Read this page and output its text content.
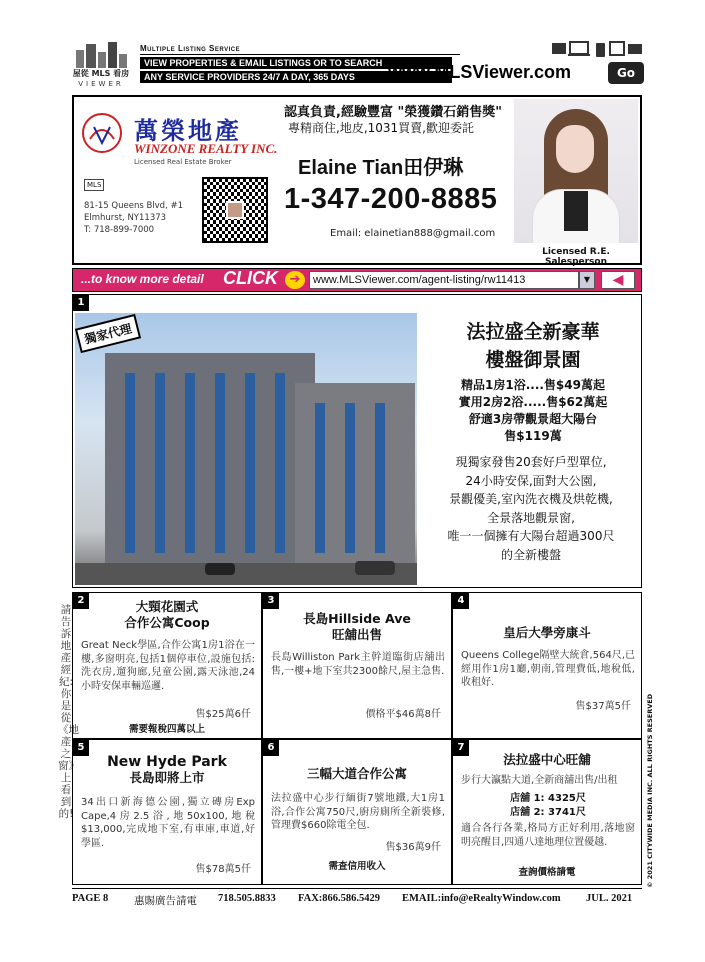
屋從 MLS 看房
VIEWER
Multiple Listing Service
VIEW PROPERTIES & EMAIL LISTINGS OR TO SEARCH
ANY SERVICE PROVIDERS 24/7 A DAY, 365 DAYS	www.MLSViewer.com	Go
萬榮地產
WINZONE REALTY INC.
Licensed Real Estate Broker
MLS
81-15 Queens Blvd, #1
Elmhurst, NY11373
T: 718-899-7000
認真負責,經驗豐富 "榮獲鑽石銷售獎"
專精商住,地皮,1031買賣,歡迎委託
Elaine Tian田伊琳
1-347-200-8885
Email: elainetian888@gmail.com
Licensed R.E. Salesperson
...to know more detail CLICK ➔	www.MLSViewer.com/agent-listing/rw11413	▼	◀
1
獨家代理	法拉盛全新豪華
樓盤御景園
精品1房1浴....售$49萬起
實用2房2浴.....售$62萬起
舒適3房帶觀景超大陽台
售$119萬
現獨家發售20套好戶型單位,
24小時安保,面對大公園,
景觀優美,室內洗衣機及烘乾機,
全景落地觀景窗,
唯一一個擁有大陽台超過300尺
的全新樓盤
請告訴地產經紀:你是從《地產之窗》上看到的!	© 2021 CITYWIDE MEDIA INC. ALL RIGHTS RESERVED
2	大頸花園式
合作公寓Coop
Great Neck學區,合作公寓1房1浴在一樓,多窗明亮,包括1個停車位,設施包括:洗衣房,遛狗廊,兒童公園,露天泳池,24小時安保車輛巡邏.
售$25萬6仟
需要報稅四萬以上
3
長島Hillside Ave
旺舖出售
長島Williston Park主幹道臨街店舖出售,一樓+地下室共2300餘尺,屋主急售.
價格平$46萬8仟
4
皇后大學旁康斗
Queens College隔壁大統倉,564尺,已經用作1房1廳,朝南,管理費低,地稅低,收租好.
售$37萬5仟
5
New Hyde Park
長島即將上市
34出口新海德公園,獨立磚房Exp Cape,4房2.5浴,地50x100,地稅$13,000,完成地下室,有車庫,車道,好學區.
售$78萬5仟
6
三幅大道合作公寓
法拉盛中心步行緬街7號地鐵,大1房1浴,合作公寓750尺,廚房廁所全新裝修,管理費$660除電全包.
售$36萬9仟
需查信用收入
7
法拉盛中心旺舖
步行大瀛點大道,全新商舖出售/出租
店舖 1: 4325尺
店舖 2: 3741尺
適合各行各業,格局方正好利用,落地窗明亮醒目,四通八達地理位置優越.
查詢價格請電
PAGE 8 惠賜廣告請電 718.505.8833 FAX:866.586.5429 EMAIL:info@eRealtyWindow.com JUL. 2021
